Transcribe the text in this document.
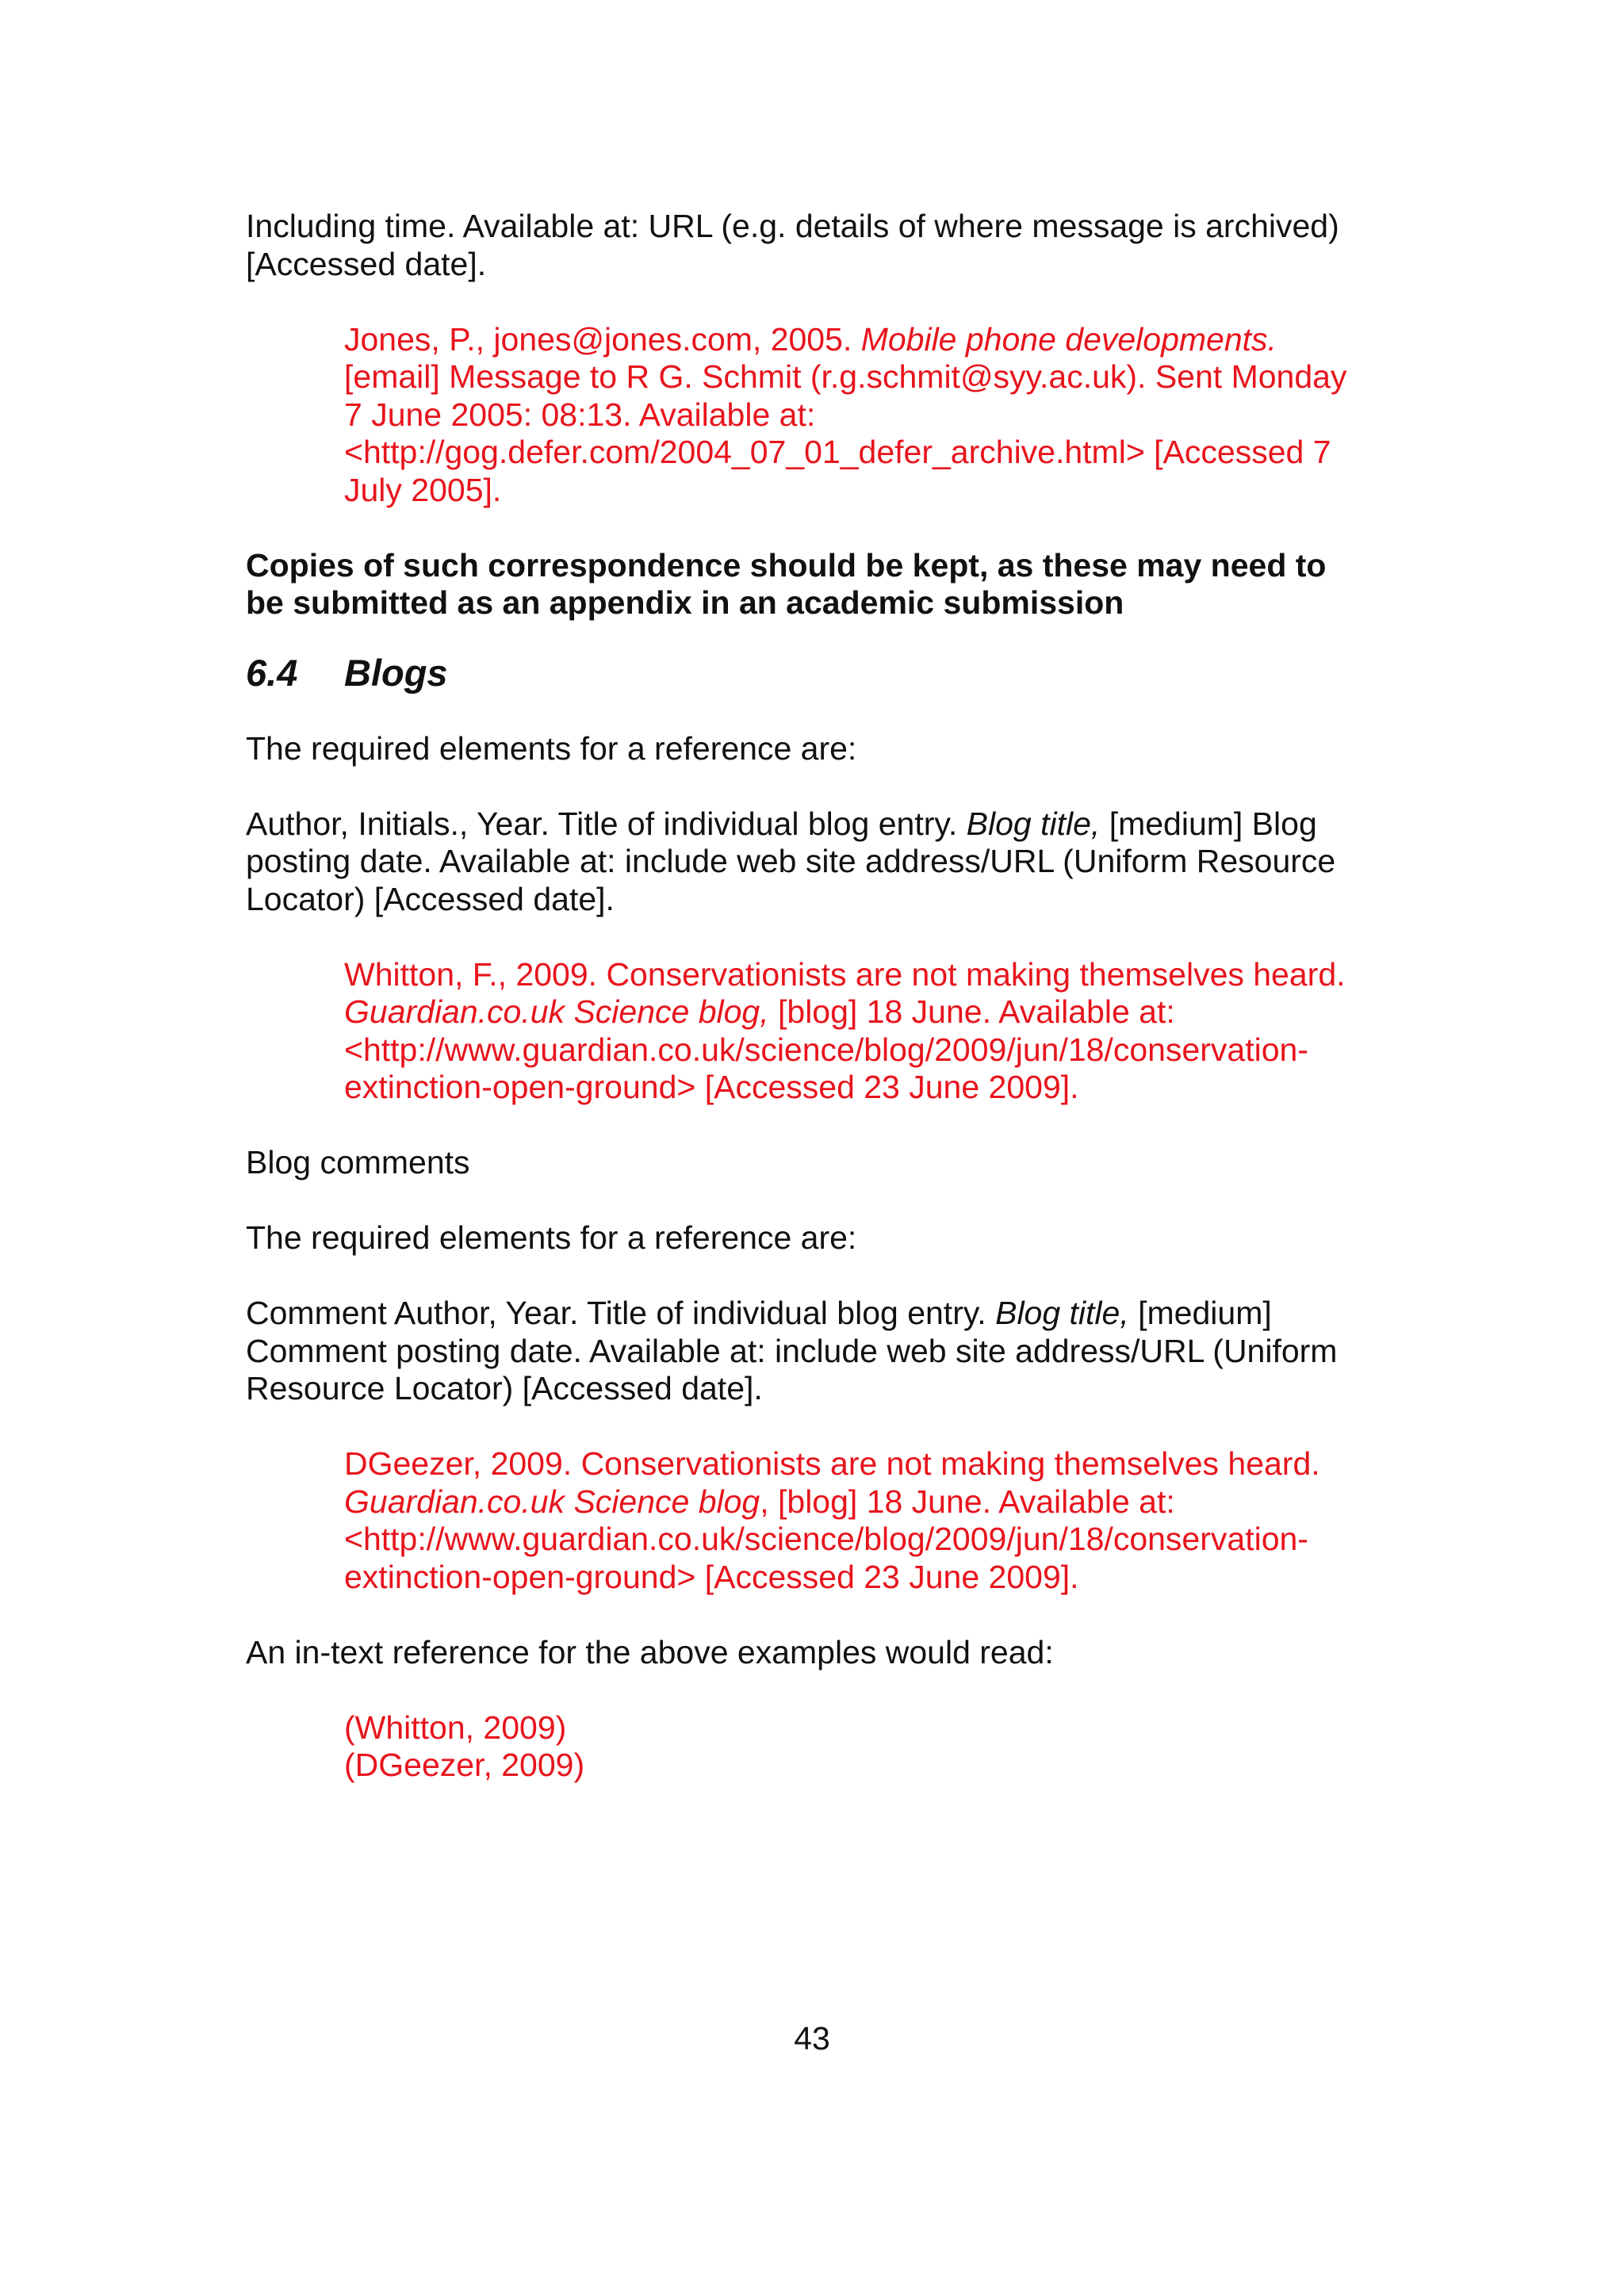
Including time. Available at: URL (e.g. details of where message is archived)

[Accessed date].

Jones, P., jones@jones.com, 2005. Mobile phone developments.

[email] Message to R G. Schmit (r.g.schmit@syy.ac.uk). Sent Monday

7 June 2005: 08:13. Available at:

<http://gog.defer.com/2004_07_01_defer_archive.html> [Accessed 7

July 2005].

Copies of such correspondence should be kept, as these may need to

be submitted as an appendix in an academic submission

6.4 Blogs

The required elements for a reference are:

Author, Initials., Year. Title of individual blog entry. Blog title, [medium] Blog

posting date. Available at: include web site address/URL (Uniform Resource

Locator) [Accessed date].

Whitton, F., 2009. Conservationists are not making themselves heard.

Guardian.co.uk Science blog, [blog] 18 June. Available at:

<http://www.guardian.co.uk/science/blog/2009/jun/18/conservation-

extinction-open-ground> [Accessed 23 June 2009].

Blog comments

The required elements for a reference are:

Comment Author, Year. Title of individual blog entry. Blog title, [medium]

Comment posting date. Available at: include web site address/URL (Uniform

Resource Locator) [Accessed date].

DGeezer, 2009. Conservationists are not making themselves heard.

Guardian.co.uk Science blog, [blog] 18 June. Available at:

<http://www.guardian.co.uk/science/blog/2009/jun/18/conservation-

extinction-open-ground> [Accessed 23 June 2009].

An in-text reference for the above examples would read:

(Whitton, 2009)

(DGeezer, 2009)

43
